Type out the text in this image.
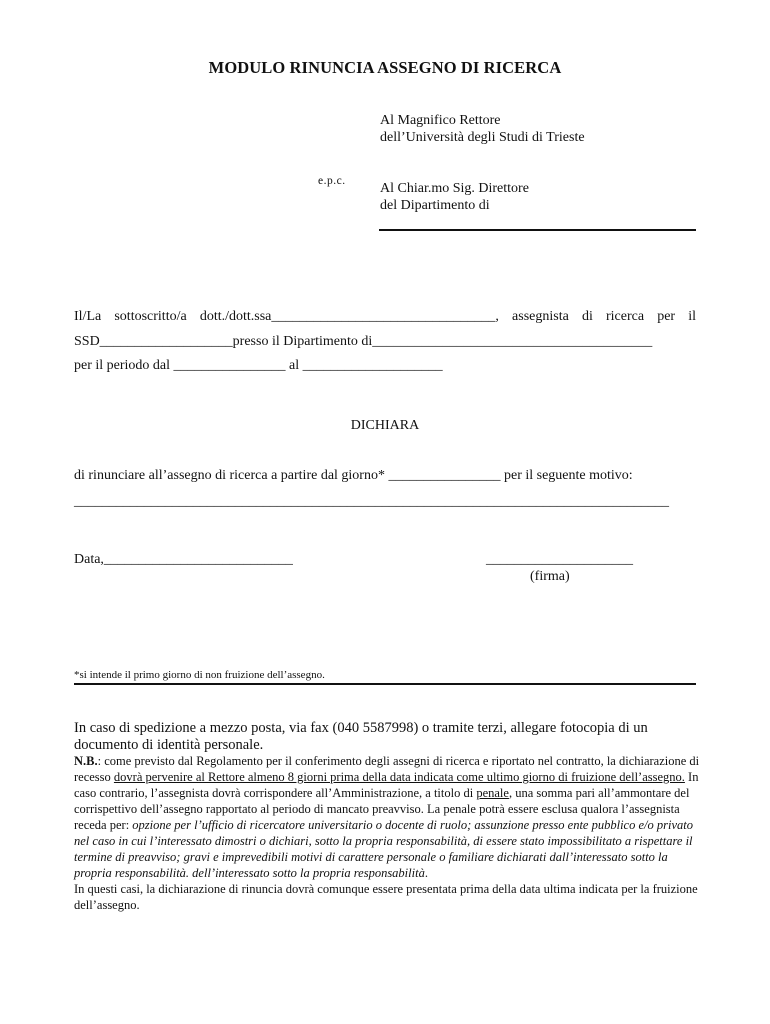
MODULO RINUNCIA ASSEGNO DI RICERCA
Al Magnifico Rettore
dell’Università degli Studi di Trieste
e.p.c. Al Chiar.mo Sig. Direttore
del Dipartimento di
Il/La sottoscritto/a dott./dott.ssa________________________________, assegnista di ricerca per il
SSD___________________presso il Dipartimento di________________________________________
per il periodo dal ________________ al ____________________
DICHIARA
di rinunciare all’assegno di ricerca a partire dal giorno* ________________ per il seguente motivo:
_____________________________________________________________________________________
Data,___________________________	_____________________
(firma)
*si intende il primo giorno di non fruizione dell’assegno.
In caso di spedizione a mezzo posta, via fax (040 5587998) o tramite terzi, allegare fotocopia di un documento di identità personale.

N.B.: come previsto dal Regolamento per il conferimento degli assegni di ricerca e riportato nel contratto, la dichiarazione di recesso dovrà pervenire al Rettore almeno 8 giorni prima della data indicata come ultimo giorno di fruizione dell’assegno. In caso contrario, l’assegnista dovrà corrispondere all’Amministrazione, a titolo di penale, una somma pari all’ammontare del corrispettivo dell’assegno rapportato al periodo di mancato preavviso. La penale potrà essere esclusa qualora l’assegnista receda per: opzione per l’ufficio di ricercatore universitario o docente di ruolo; assunzione presso ente pubblico e/o privato nel caso in cui l’interessato dimostri o dichiari, sotto la propria responsabilità, di essere stato impossibilitato a rispettare il termine di preavviso; gravi e imprevedibili motivi di carattere personale o familiare dichiarati dall’interessato sotto la propria responsabilità. dell’interessato sotto la propria responsabilità.

In questi casi, la dichiarazione di rinuncia dovrà comunque essere presentata prima della data ultima indicata per la fruizione dell’assegno.
